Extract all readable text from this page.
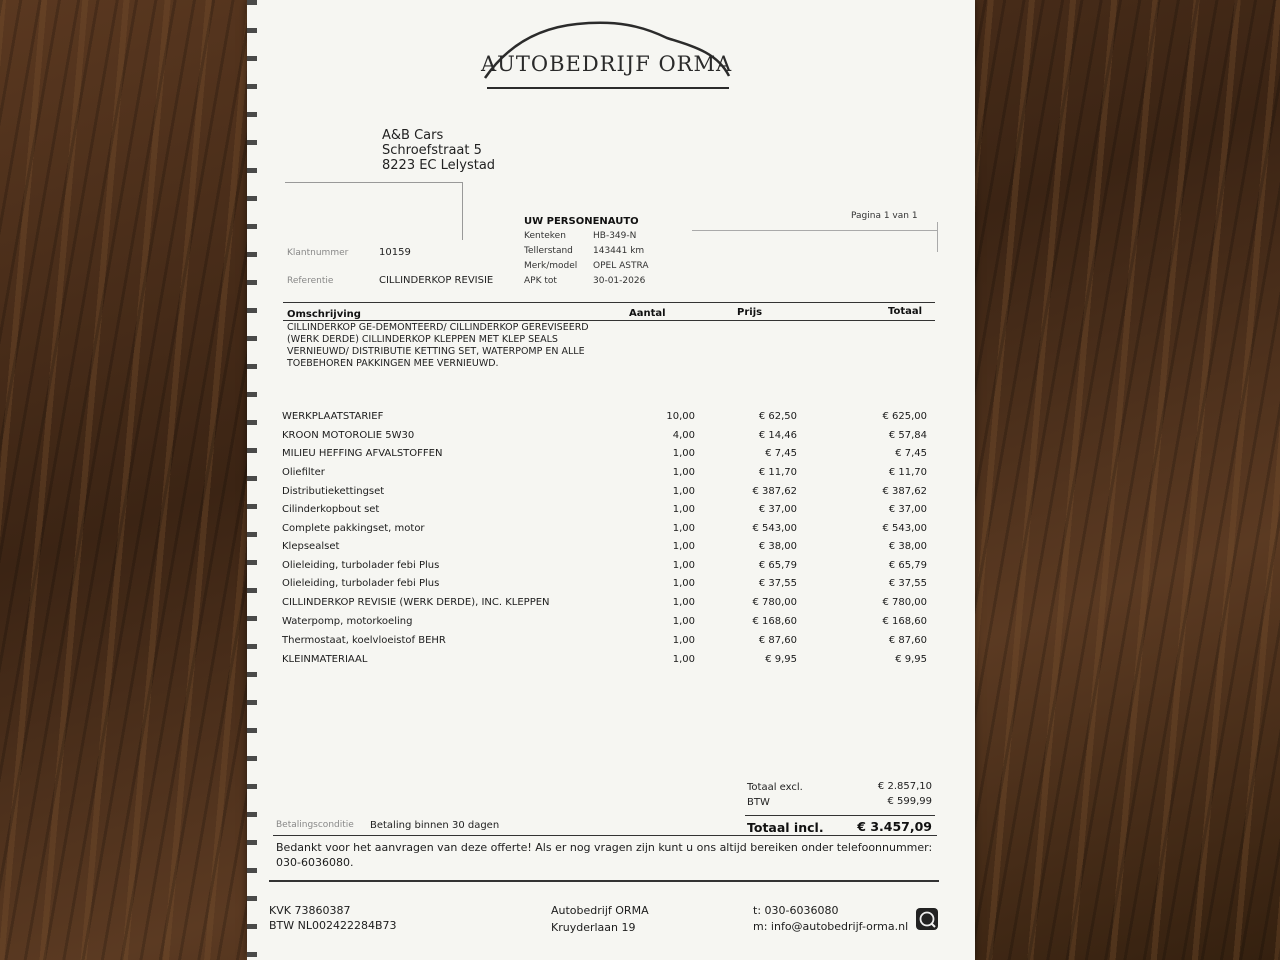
AUTOBEDRIJF ORMA
A&B Cars
Schroefstraat 5
8223 EC Lelystad
Klantnummer	10159
Referentie	CILLINDERKOP REVISIE
Pagina 1 van 1
UW PERSONENAUTO
Kenteken	HB-349-N
Tellerstand 143441 km
Merk/model OPEL ASTRA
APK tot	30-01-2026
Omschrijving	Aantal	Prijs	Totaal
CILLINDERKOP GE-DEMONTEERD/ CILLINDERKOP GEREVISEERD
(WERK DERDE) CILLINDERKOP KLEPPEN MET KLEP SEALS
VERNIEUWD/ DISTRIBUTIE KETTING SET, WATERPOMP EN ALLE
TOEBEHOREN PAKKINGEN MEE VERNIEUWD.
WERKPLAATSTARIEF	10,00	€ 62,50	€ 625,00
KROON MOTOROLIE 5W30	4,00	€ 14,46	€ 57,84
MILIEU HEFFING AFVALSTOFFEN	1,00	€ 7,45	€ 7,45
Oliefilter	1,00	€ 11,70	€ 11,70
Distributiekettingset	1,00	€ 387,62	€ 387,62
Cilinderkopbout set	1,00	€ 37,00	€ 37,00
Complete pakkingset, motor	1,00	€ 543,00	€ 543,00
Klepsealset	1,00	€ 38,00	€ 38,00
Olieleiding, turbolader febi Plus	1,00	€ 65,79	€ 65,79
Olieleiding, turbolader febi Plus	1,00	€ 37,55	€ 37,55
CILLINDERKOP REVISIE (WERK DERDE), INC. KLEPPEN	1,00	€ 780,00	€ 780,00
Waterpomp, motorkoeling	1,00	€ 168,60	€ 168,60
Thermostaat, koelvloeistof BEHR	1,00	€ 87,60	€ 87,60
KLEINMATERIAAL	1,00	€ 9,95	€ 9,95
Totaal excl.	€ 2.857,10
BTW	€ 599,99
Totaal incl.	€ 3.457,09
Betalingsconditie Betaling binnen 30 dagen
Bedankt voor het aanvragen van deze offerte! Als er nog vragen zijn kunt u ons altijd bereiken onder telefoonnummer:
030-6036080.
KVK 73860387
BTW NL002422284B73
Autobedrijf ORMA
Kruyderlaan 19
t: 030-6036080
m: info@autobedrijf-orma.nl
